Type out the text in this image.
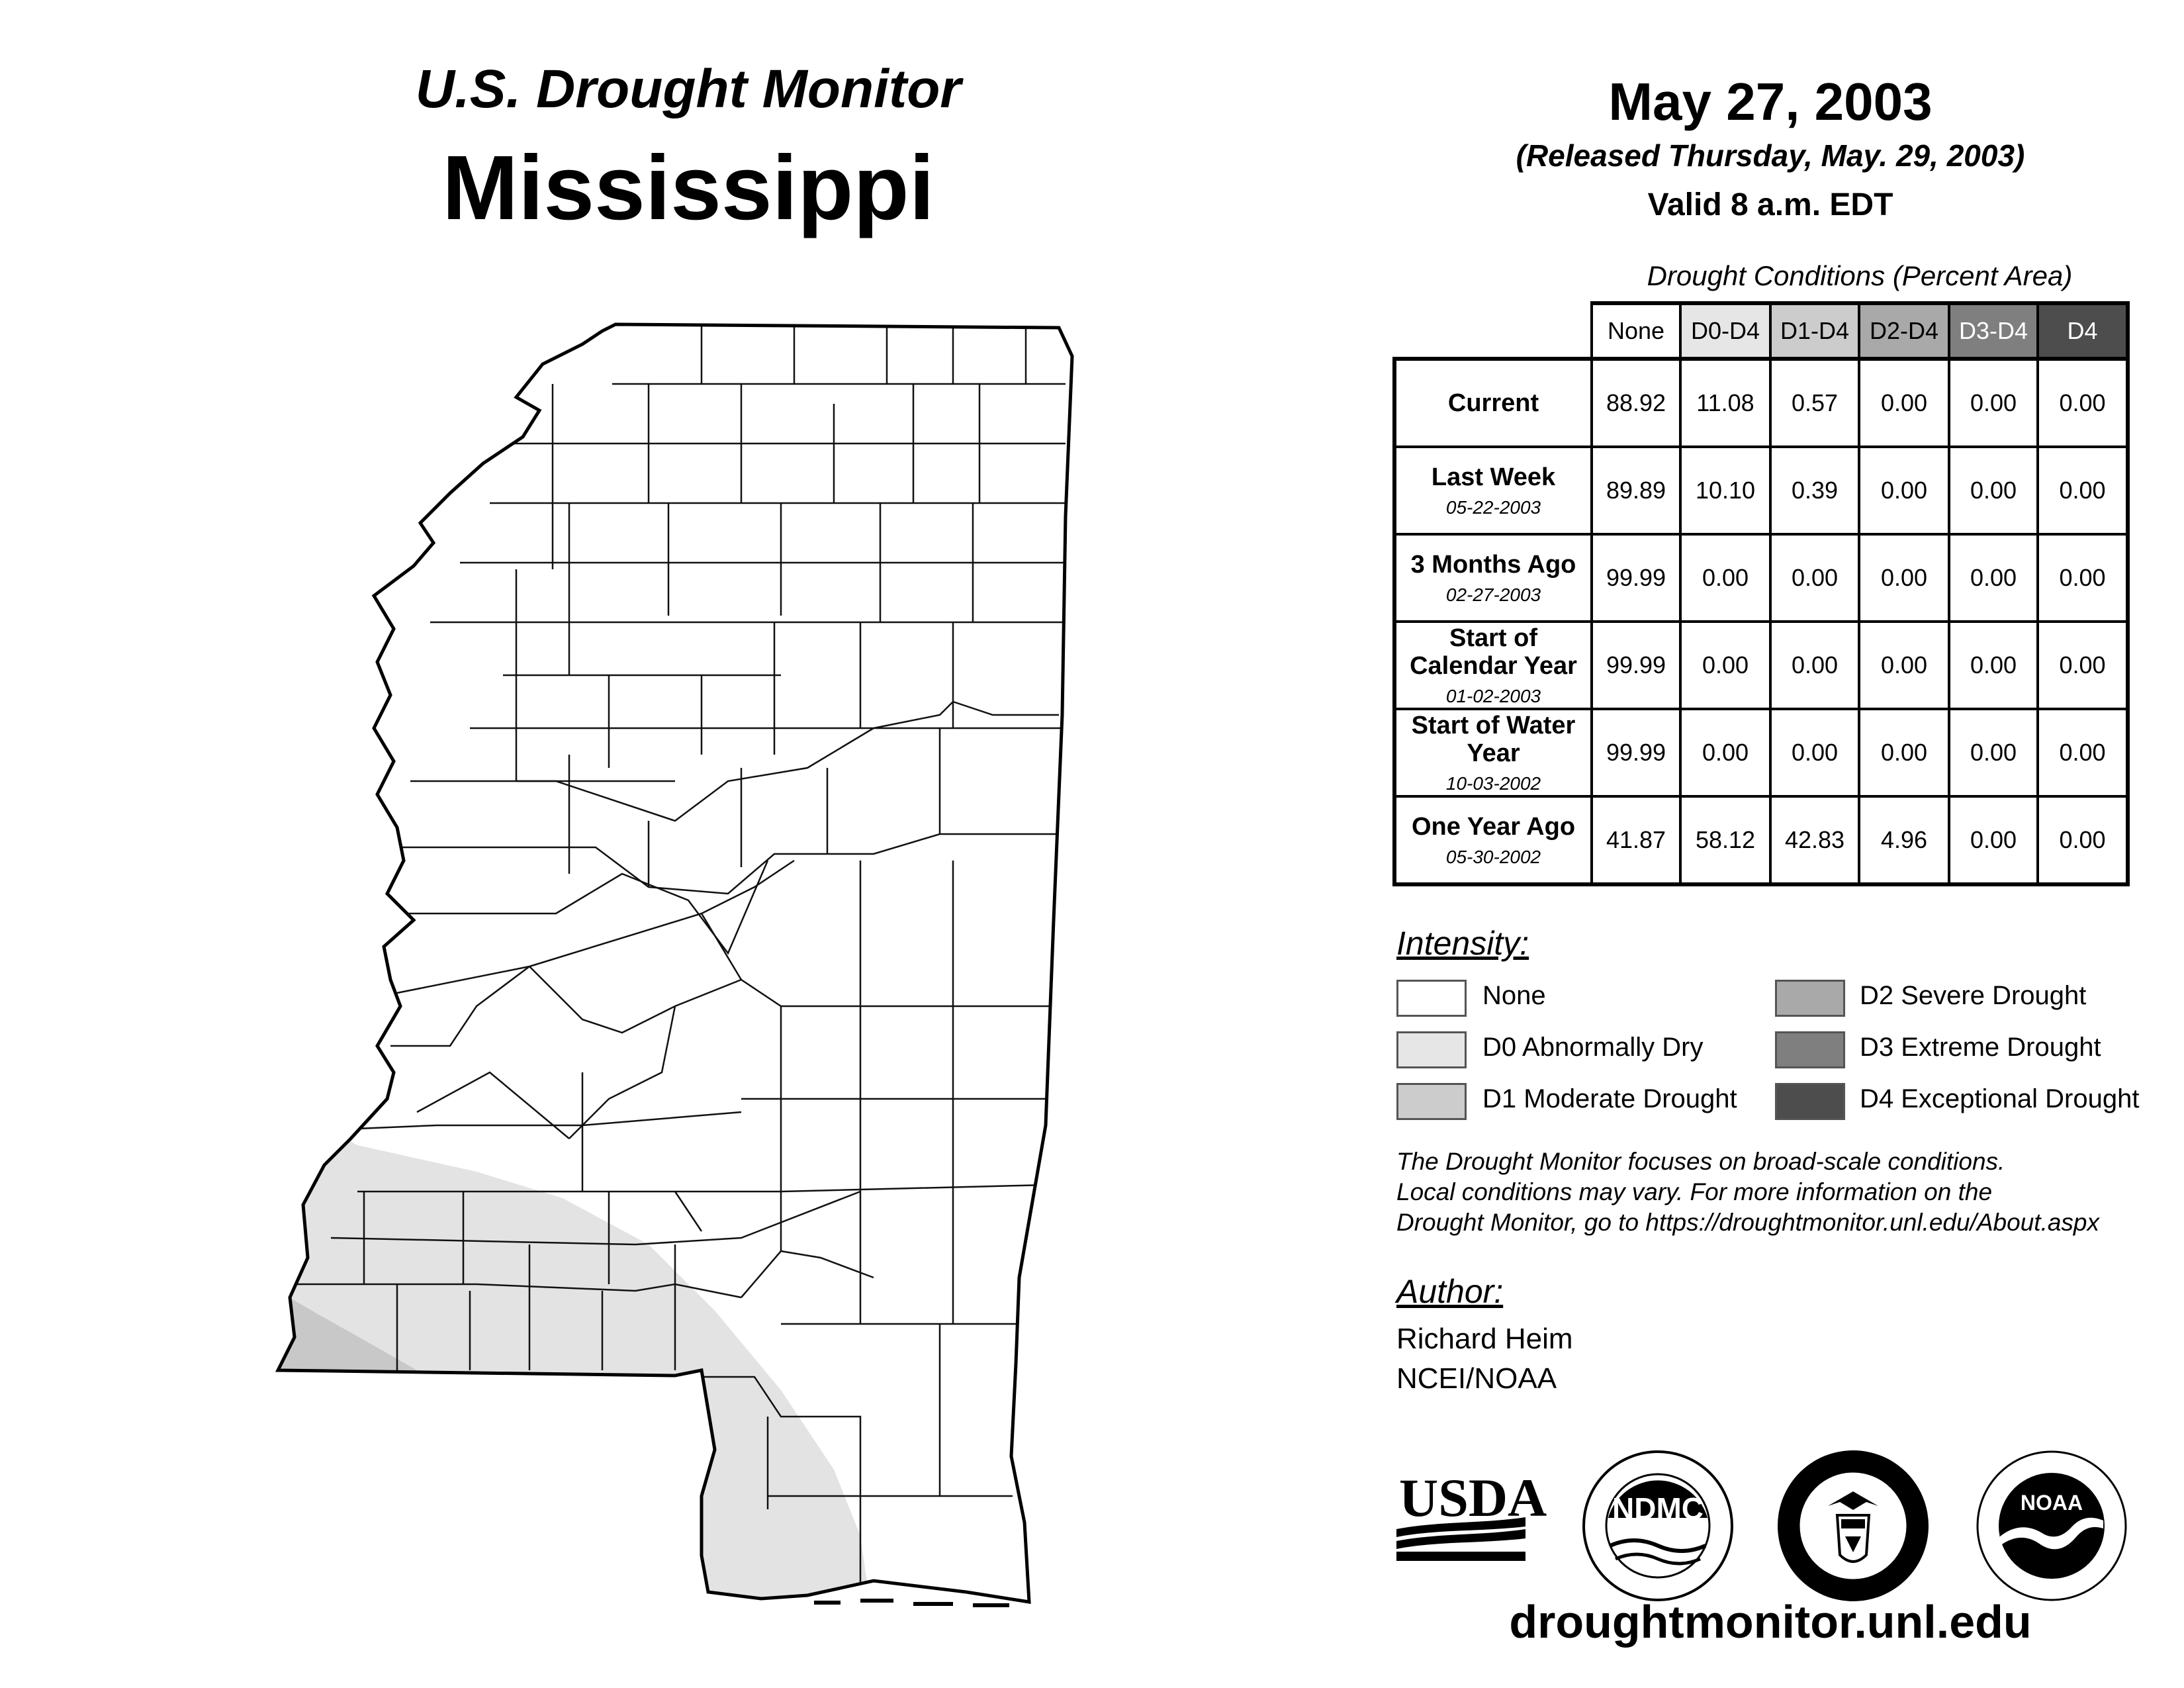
U.S. Drought Monitor
Mississippi
May 27, 2003
(Released Thursday, May. 29, 2003)
Valid 8 a.m. EDT
Drought Conditions (Percent Area)
	None	D0-D4	D1-D4	D2-D4	D3-D4	D4
Current	88.92	11.08	0.57	0.00	0.00	0.00
Last Week
05-22-2003	89.89	10.10	0.39	0.00	0.00	0.00
3 Months Ago
02-27-2003	99.99	0.00	0.00	0.00	0.00	0.00
Start of Calendar Year
01-02-2003	99.99	0.00	0.00	0.00	0.00	0.00
Start of Water Year
10-03-2002	99.99	0.00	0.00	0.00	0.00	0.00
One Year Ago
05-30-2002	41.87	58.12	42.83	4.96	0.00	0.00
Intensity:
None
D0 Abnormally Dry
D1 Moderate Drought
D2 Severe Drought
D3 Extreme Drought
D4 Exceptional Drought
The Drought Monitor focuses on broad-scale conditions.
Local conditions may vary. For more information on the
Drought Monitor, go to https://droughtmonitor.unl.edu/About.aspx
Author:
Richard Heim
NCEI/NOAA
USDA NDMC	NOAA
droughtmonitor.unl.edu
